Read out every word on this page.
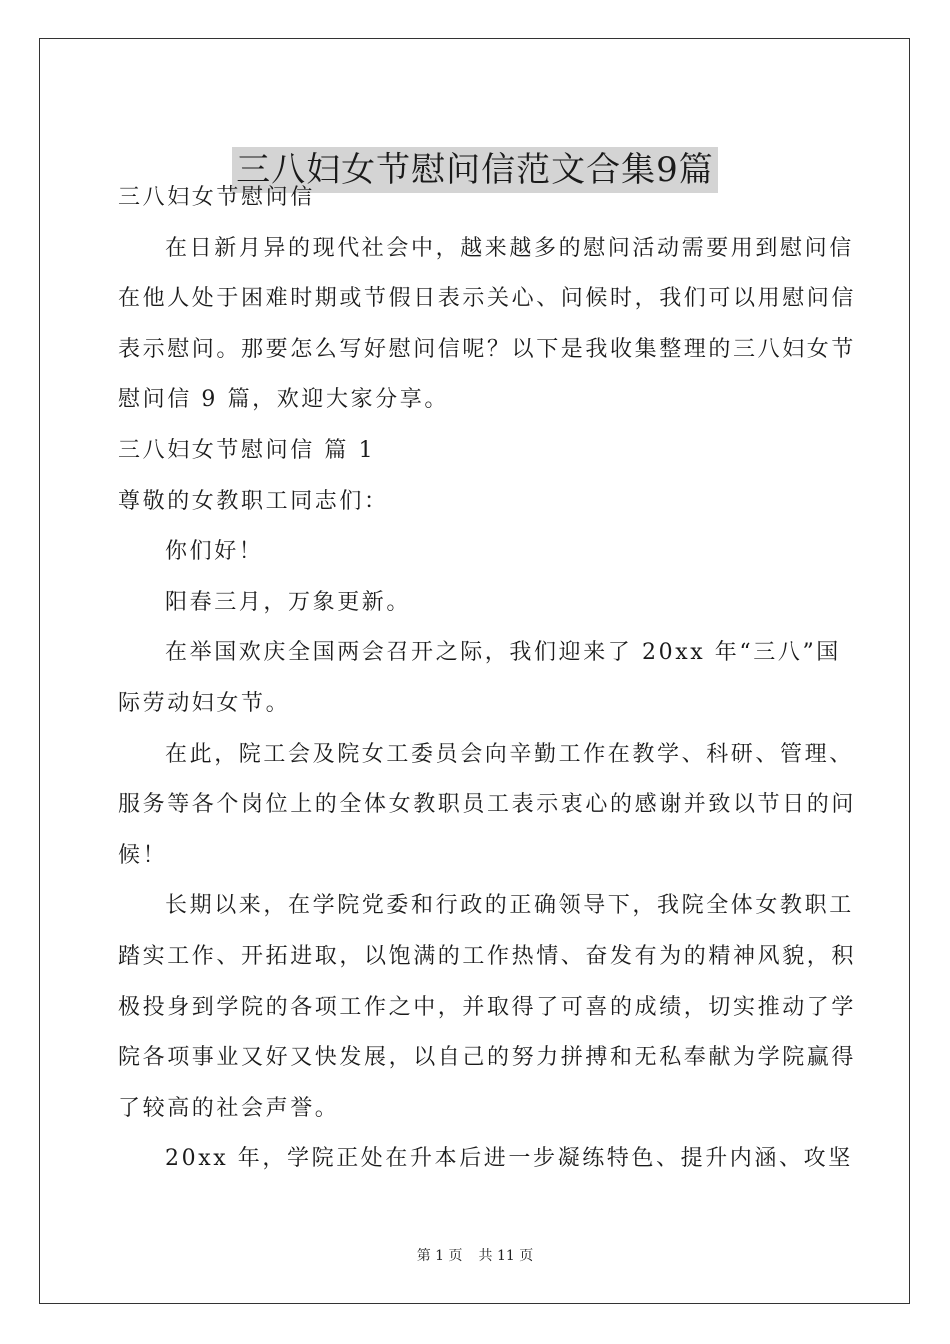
三八妇女节慰问信范文合集9篇

三八妇女节慰问信

在日新月异的现代社会中，越来越多的慰问活动需要用到慰问信

在他人处于困难时期或节假日表示关心、问候时，我们可以用慰问信

表示慰问。那要怎么写好慰问信呢？以下是我收集整理的三八妇女节

慰问信 9 篇，欢迎大家分享。

三八妇女节慰问信 篇 1

尊敬的女教职工同志们：

你们好！

阳春三月，万象更新。

在举国欢庆全国两会召开之际，我们迎来了 20xx 年“三八”国

际劳动妇女节。

在此，院工会及院女工委员会向辛勤工作在教学、科研、管理、

服务等各个岗位上的全体女教职员工表示衷心的感谢并致以节日的问

候！

长期以来，在学院党委和行政的正确领导下，我院全体女教职工

踏实工作、开拓进取，以饱满的工作热情、奋发有为的精神风貌，积

极投身到学院的各项工作之中，并取得了可喜的成绩，切实推动了学

院各项事业又好又快发展，以自己的努力拼搏和无私奉献为学院赢得

了较高的社会声誉。

20xx 年，学院正处在升本后进一步凝练特色、提升内涵、攻坚

第 1 页 共 11 页
